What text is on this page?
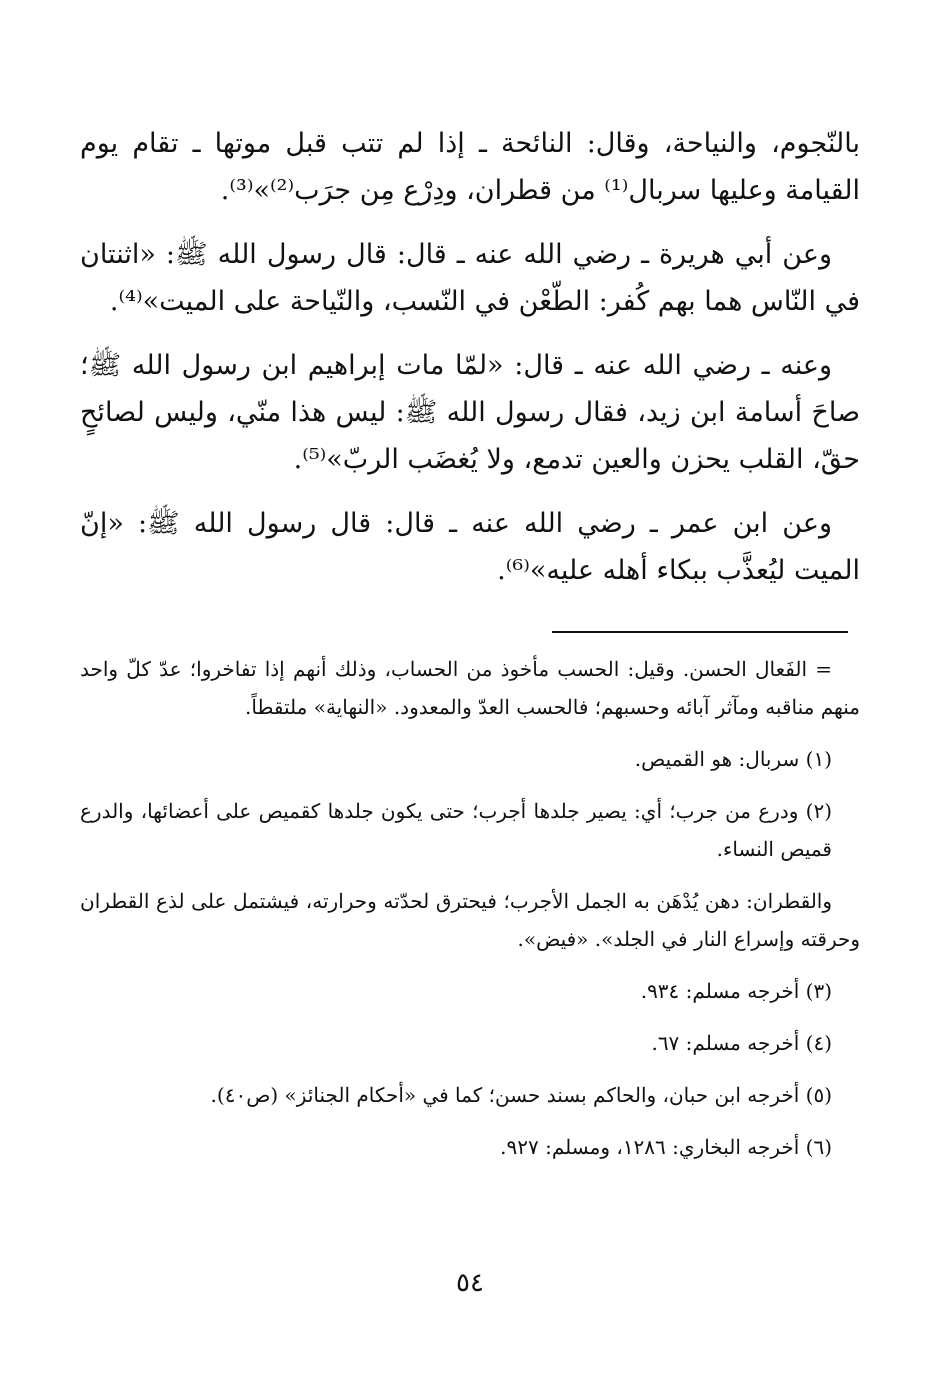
بالنّجوم، والنياحة، وقال: النائحة ـ إذا لم تتب قبل موتها ـ تقام يوم القيامة وعليها سربال⁽¹⁾ من قطران، ودِرْع مِن جرَب⁽²⁾»⁽³⁾.

وعن أبي هريرة ـ رضي الله عنه ـ قال: قال رسول الله ﷺ: «اثنتان في النّاس هما بهم كُفر: الطّعْن في النّسب، والنّياحة على الميت»⁽⁴⁾.

وعنه ـ رضي الله عنه ـ قال: «لمّا مات إبراهيم ابن رسول الله ﷺ؛ صاحَ أسامة ابن زيد، فقال رسول الله ﷺ: ليس هذا منّي، وليس لصائحٍ حقّ، القلب يحزن والعين تدمع، ولا يُغضَب الربّ»⁽⁵⁾.

وعن ابن عمر ـ رضي الله عنه ـ قال: قال رسول الله ﷺ: «إنّ الميت ليُعذَّب ببكاء أهله عليه»⁽⁶⁾.

= الفَعال الحسن. وقيل: الحسب مأخوذ من الحساب، وذلك أنهم إذا تفاخروا؛ عدّ كلّ واحد منهم مناقبه ومآثر آبائه وحسبهم؛ فالحسب العدّ والمعدود. «النهاية» ملتقطاً.

(١) سربال: هو القميص.

(٢) ودرع من جرب؛ أي: يصير جلدها أجرب؛ حتى يكون جلدها كقميص على أعضائها، والدرع قميص النساء.

والقطران: دهن يُدْهَن به الجمل الأجرب؛ فيحترق لحدّته وحرارته، فيشتمل على لذع القطران وحرقته وإسراع النار في الجلد». «فيض».

(٣) أخرجه مسلم: ٩٣٤.

(٤) أخرجه مسلم: ٦٧.

(٥) أخرجه ابن حبان، والحاكم بسند حسن؛ كما في «أحكام الجنائز» (ص٤٠).

(٦) أخرجه البخاري: ١٢٨٦، ومسلم: ٩٢٧.

٥٤
